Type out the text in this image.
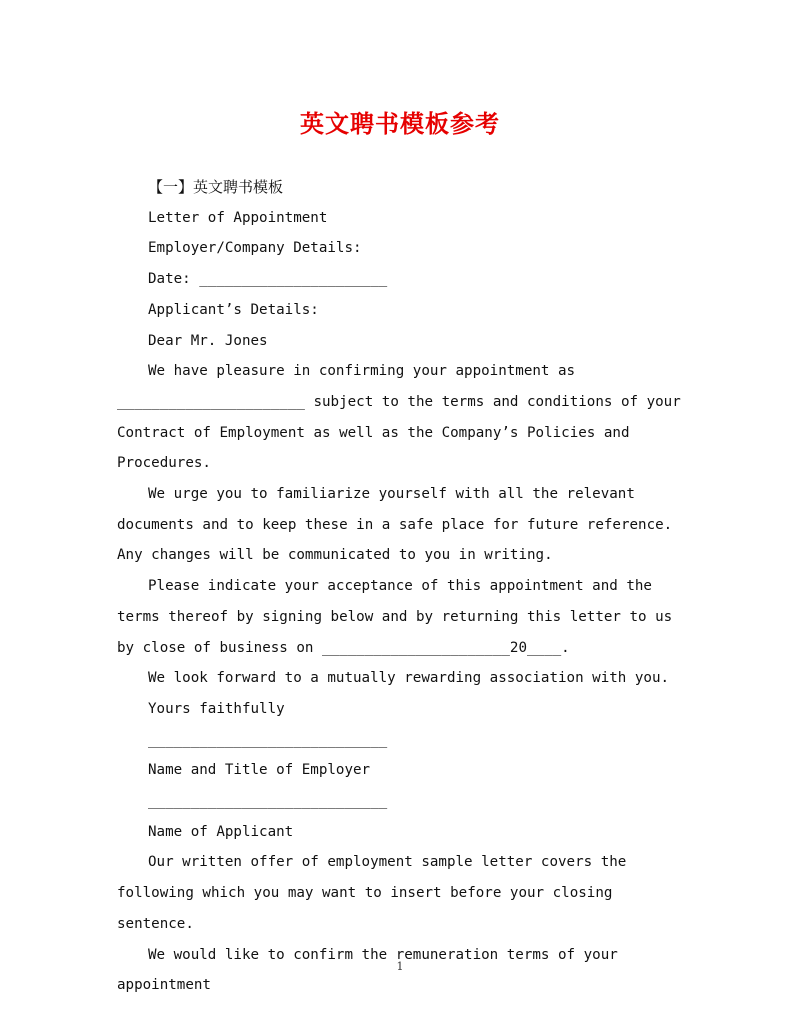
英文聘书模板参考

【一】英文聘书模板

Letter of Appointment

Employer/Company Details:

Date: ______________________

Applicant’s Details:

Dear Mr. Jones

We have pleasure in confirming your appointment as ______________________ subject to the terms and conditions of your Contract of Employment as well as the Company’s Policies and Procedures.

We urge you to familiarize yourself with all the relevant documents and to keep these in a safe place for future reference. Any changes will be communicated to you in writing.

Please indicate your acceptance of this appointment and the terms thereof by signing below and by returning this letter to us by close of business on ______________________20____.

We look forward to a mutually rewarding association with you.

Yours faithfully

____________________________

Name and Title of Employer

____________________________

Name of Applicant

Our written offer of employment sample letter covers the following which you may want to insert before your closing sentence.

We would like to confirm the remuneration terms of your appointment

1
